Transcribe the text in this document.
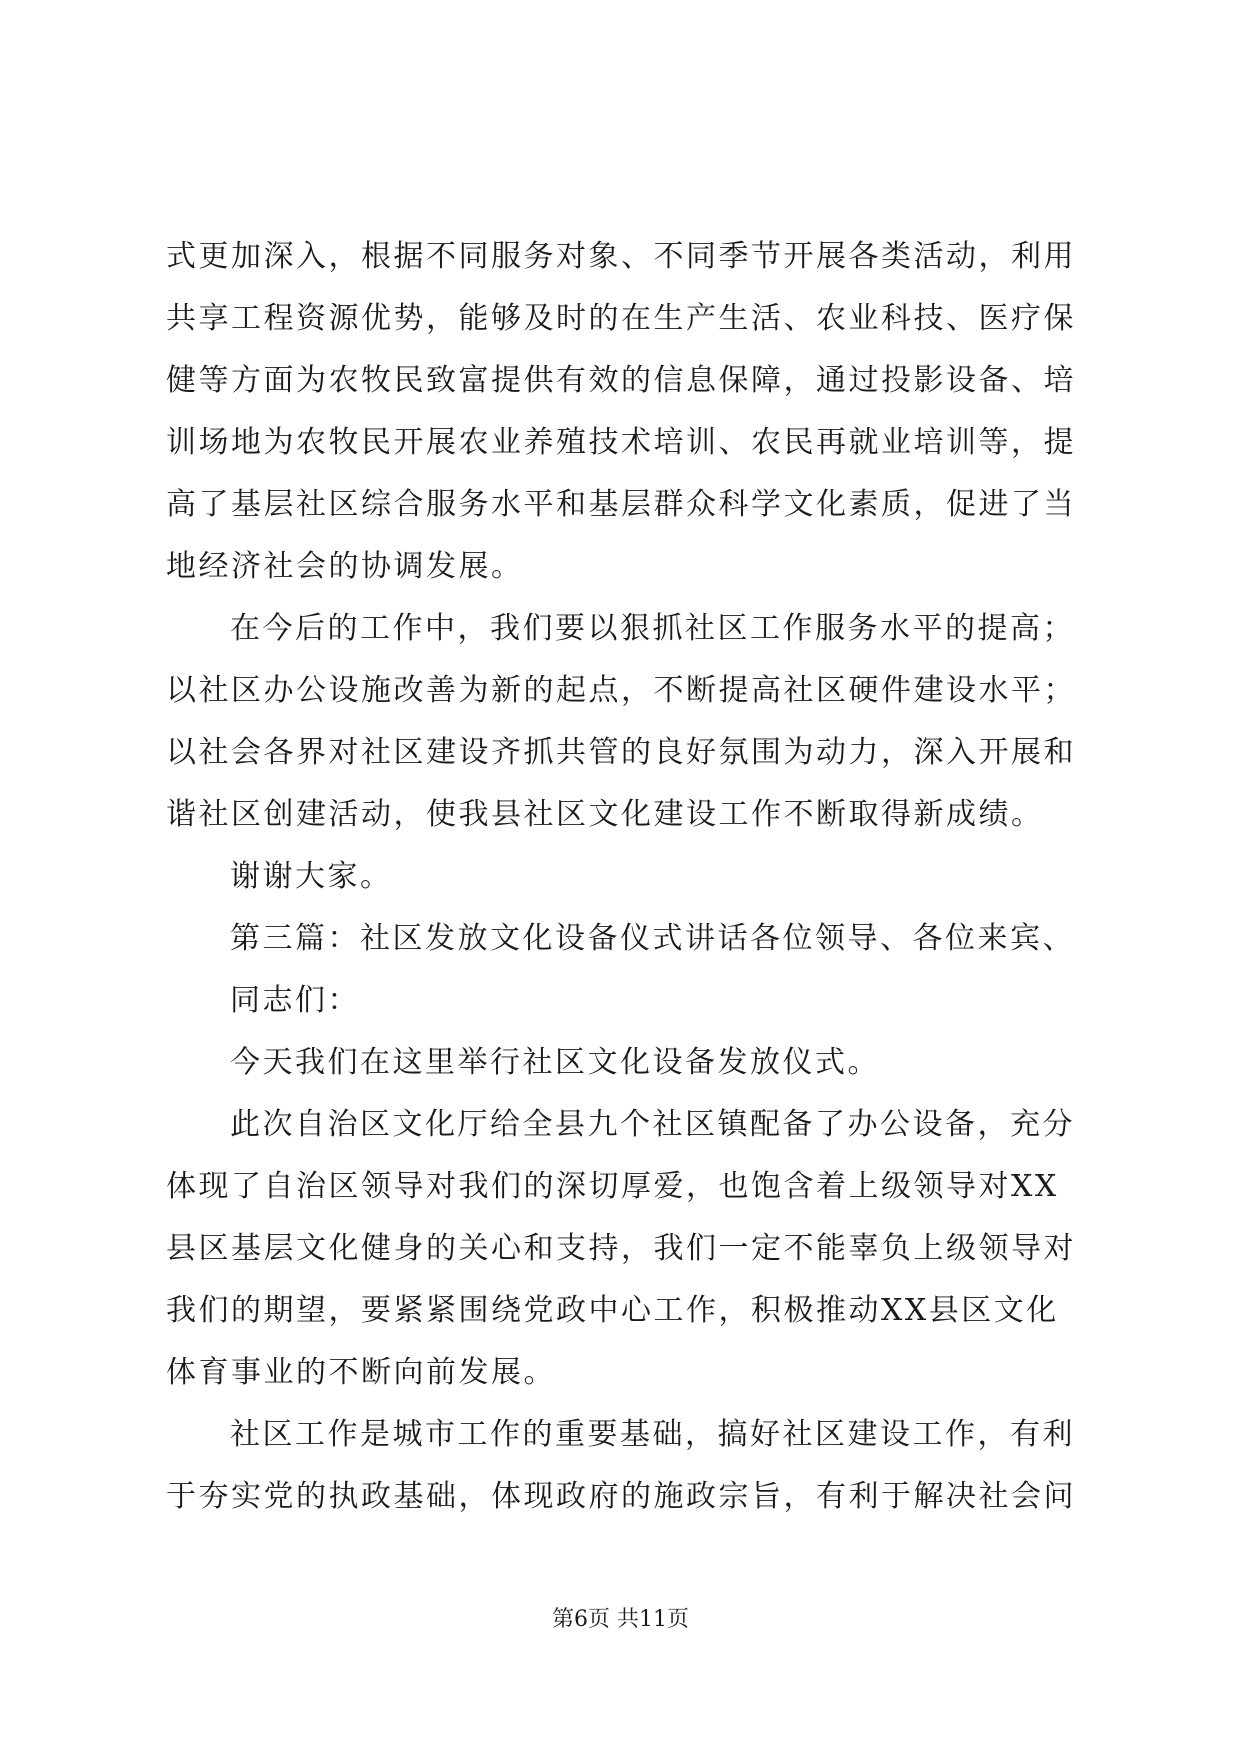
式更加深入，根据不同服务对象、不同季节开展各类活动，利用
共享工程资源优势，能够及时的在生产生活、农业科技、医疗保
健等方面为农牧民致富提供有效的信息保障，通过投影设备、培
训场地为农牧民开展农业养殖技术培训、农民再就业培训等，提
高了基层社区综合服务水平和基层群众科学文化素质，促进了当
地经济社会的协调发展。
在今后的工作中，我们要以狠抓社区工作服务水平的提高；
以社区办公设施改善为新的起点，不断提高社区硬件建设水平；
以社会各界对社区建设齐抓共管的良好氛围为动力，深入开展和
谐社区创建活动，使我县社区文化建设工作不断取得新成绩。
谢谢大家。
第三篇：社区发放文化设备仪式讲话各位领导、各位来宾、
同志们：
今天我们在这里举行社区文化设备发放仪式。
此次自治区文化厅给全县九个社区镇配备了办公设备，充分
体现了自治区领导对我们的深切厚爱，也饱含着上级领导对XX
县区基层文化健身的关心和支持，我们一定不能辜负上级领导对
我们的期望，要紧紧围绕党政中心工作，积极推动XX县区文化
体育事业的不断向前发展。
社区工作是城市工作的重要基础，搞好社区建设工作，有利
于夯实党的执政基础，体现政府的施政宗旨，有利于解决社会问
第6页 共11页
